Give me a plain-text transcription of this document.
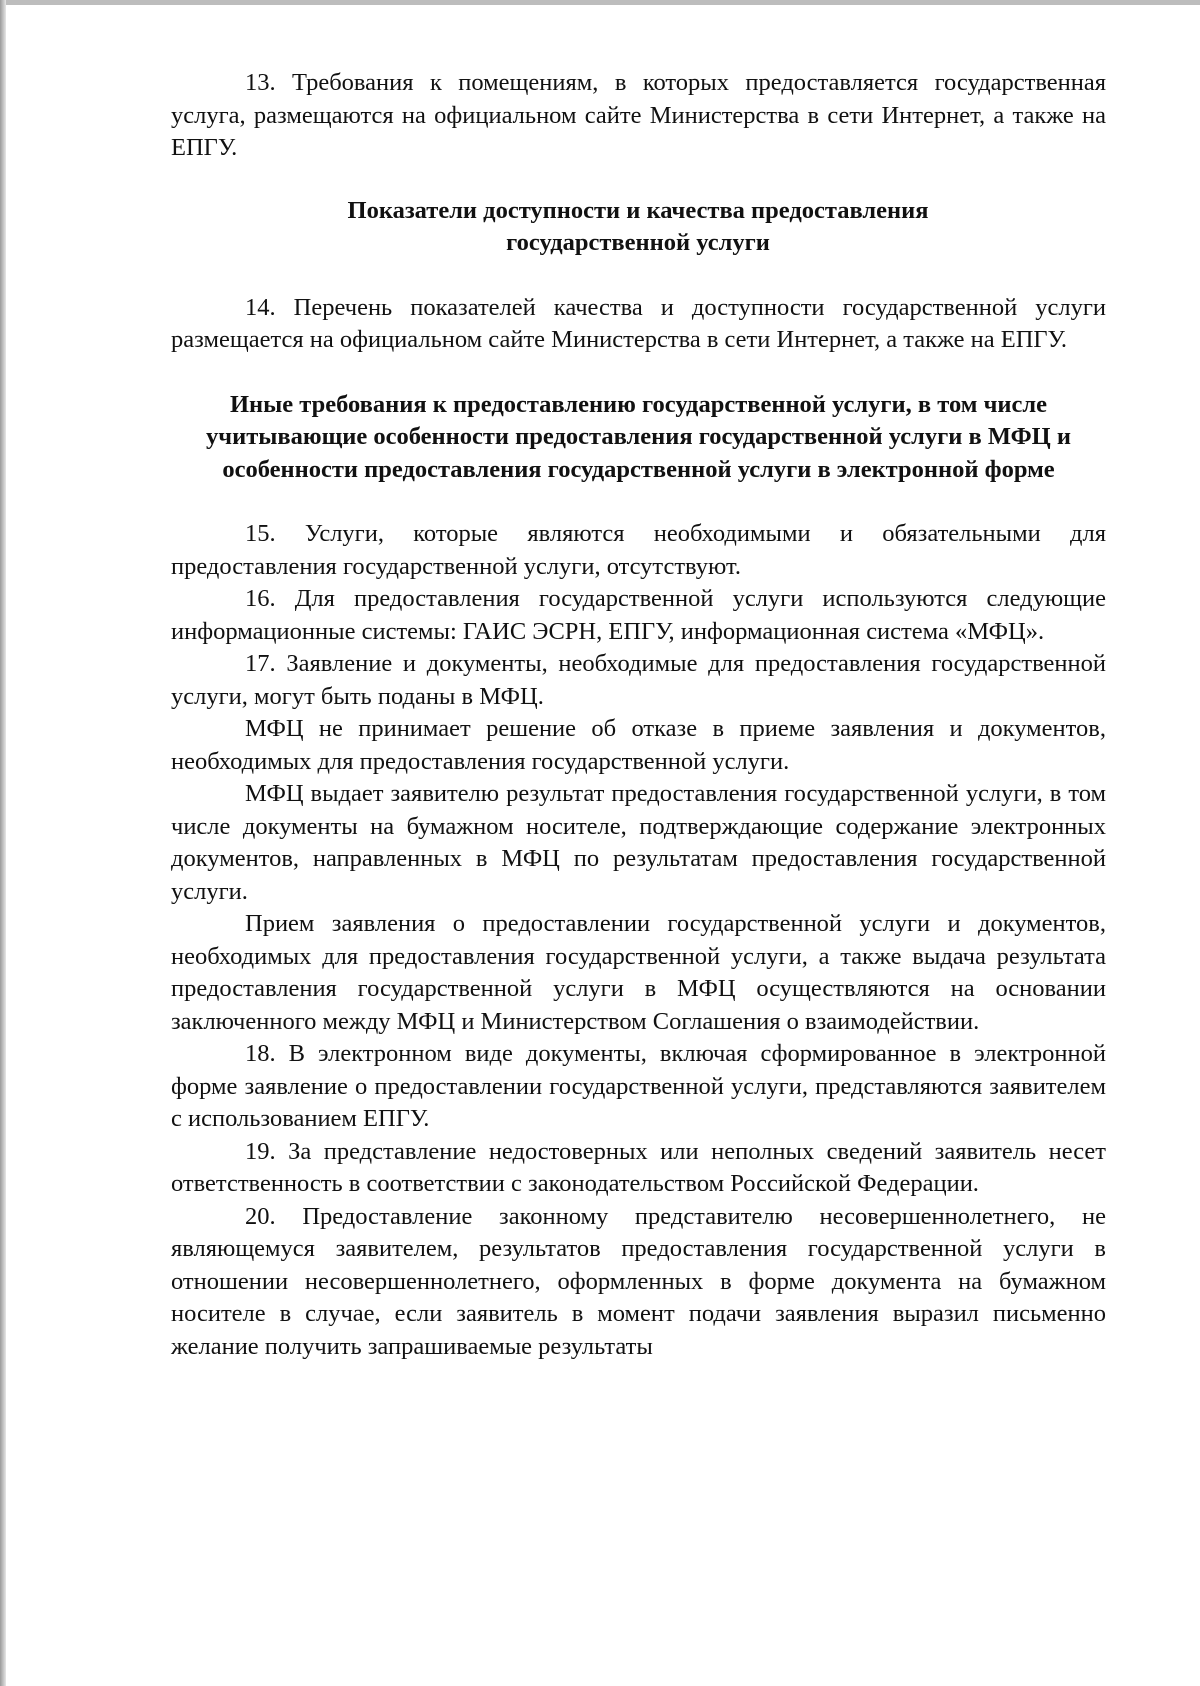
13. Требования к помещениям, в которых предоставляется государственная услуга, размещаются на официальном сайте Министерства в сети Интернет, а также на ЕПГУ.

Показатели доступности и качества предоставления государственной услуги

14. Перечень показателей качества и доступности государственной услуги размещается на официальном сайте Министерства в сети Интернет, а также на ЕПГУ.

Иные требования к предоставлению государственной услуги, в том числе учитывающие особенности предоставления государственной услуги в МФЦ и особенности предоставления государственной услуги в электронной форме

15. Услуги, которые являются необходимыми и обязательными для предоставления государственной услуги, отсутствуют.

16. Для предоставления государственной услуги используются следующие информационные системы: ГАИС ЭСРН, ЕПГУ, информационная система «МФЦ».

17. Заявление и документы, необходимые для предоставления государственной услуги, могут быть поданы в МФЦ.

МФЦ не принимает решение об отказе в приеме заявления и документов, необходимых для предоставления государственной услуги.

МФЦ выдает заявителю результат предоставления государственной услуги, в том числе документы на бумажном носителе, подтверждающие содержание электронных документов, направленных в МФЦ по результатам предоставления государственной услуги.

Прием заявления о предоставлении государственной услуги и документов, необходимых для предоставления государственной услуги, а также выдача результата предоставления государственной услуги в МФЦ осуществляются на основании заключенного между МФЦ и Министерством Соглашения о взаимодействии.

18. В электронном виде документы, включая сформированное в электронной форме заявление о предоставлении государственной услуги, представляются заявителем с использованием ЕПГУ.

19. За представление недостоверных или неполных сведений заявитель несет ответственность в соответствии с законодательством Российской Федерации.

20. Предоставление законному представителю несовершеннолетнего, не являющемуся заявителем, результатов предоставления государственной услуги в отношении несовершеннолетнего, оформленных в форме документа на бумажном носителе в случае, если заявитель в момент подачи заявления выразил письменно желание получить запрашиваемые результаты
